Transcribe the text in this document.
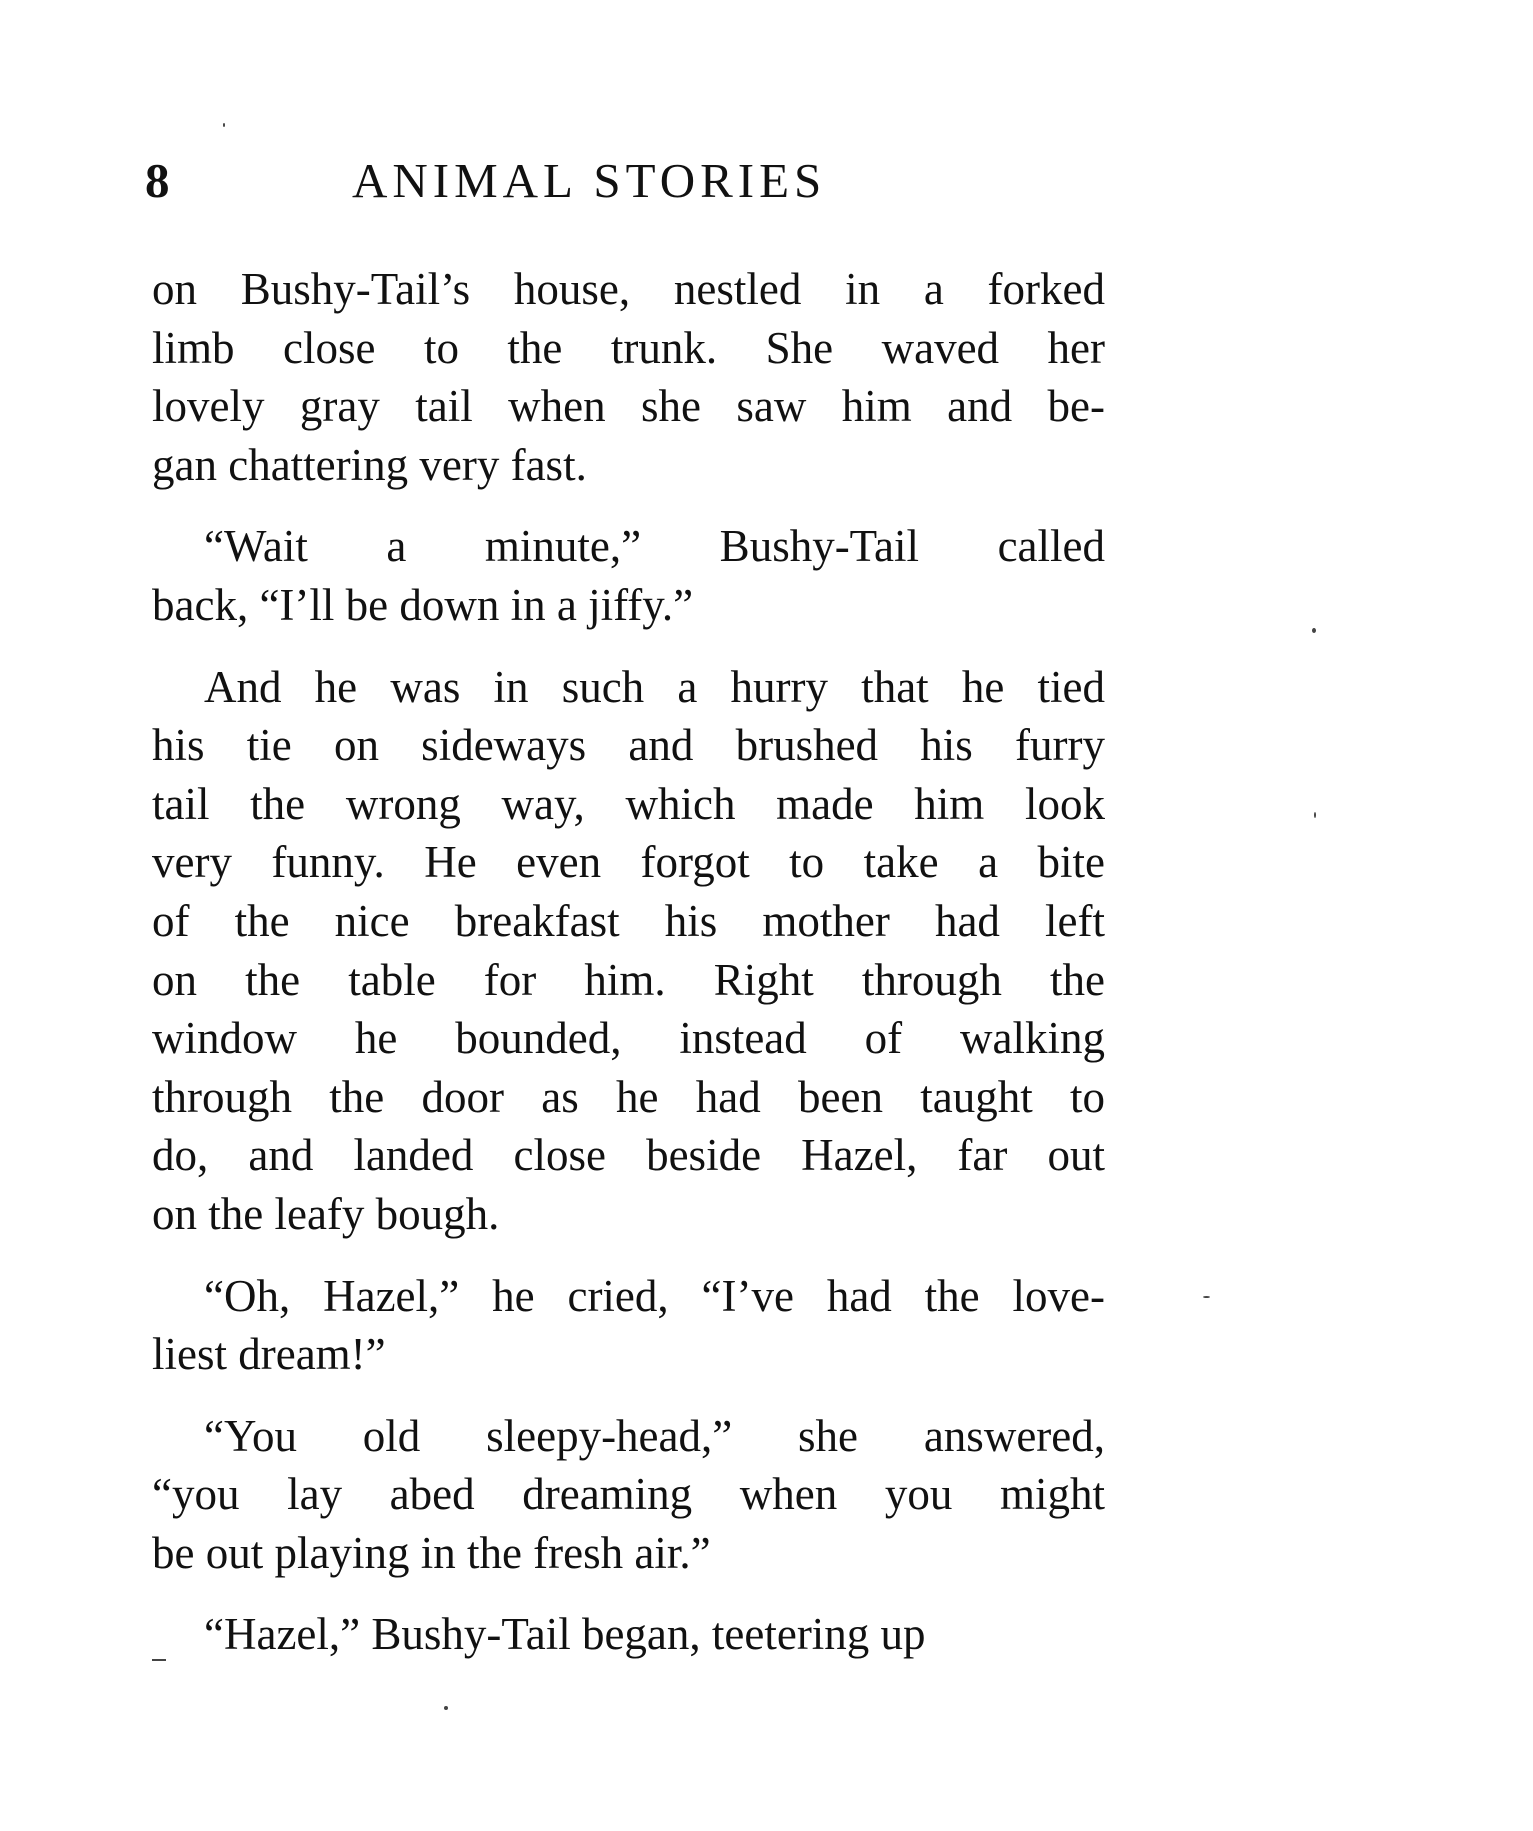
8	ANIMAL STORIES

on Bushy-Tail’s house, nestled in a forked
limb close to the trunk. She waved her
lovely gray tail when she saw him and be-
gan chattering very fast.

“Wait a minute,” Bushy-Tail called
back, “I’ll be down in a jiffy.”

And he was in such a hurry that he tied
his tie on sideways and brushed his furry
tail the wrong way, which made him look
very funny. He even forgot to take a bite
of the nice breakfast his mother had left
on the table for him. Right through the
window he bounded, instead of walking
through the door as he had been taught to
do, and landed close beside Hazel, far out
on the leafy bough.

“Oh, Hazel,” he cried, “I’ve had the love-
liest dream!”

“You old sleepy-head,” she answered,
“you lay abed dreaming when you might
be out playing in the fresh air.”

“Hazel,” Bushy-Tail began, teetering up
